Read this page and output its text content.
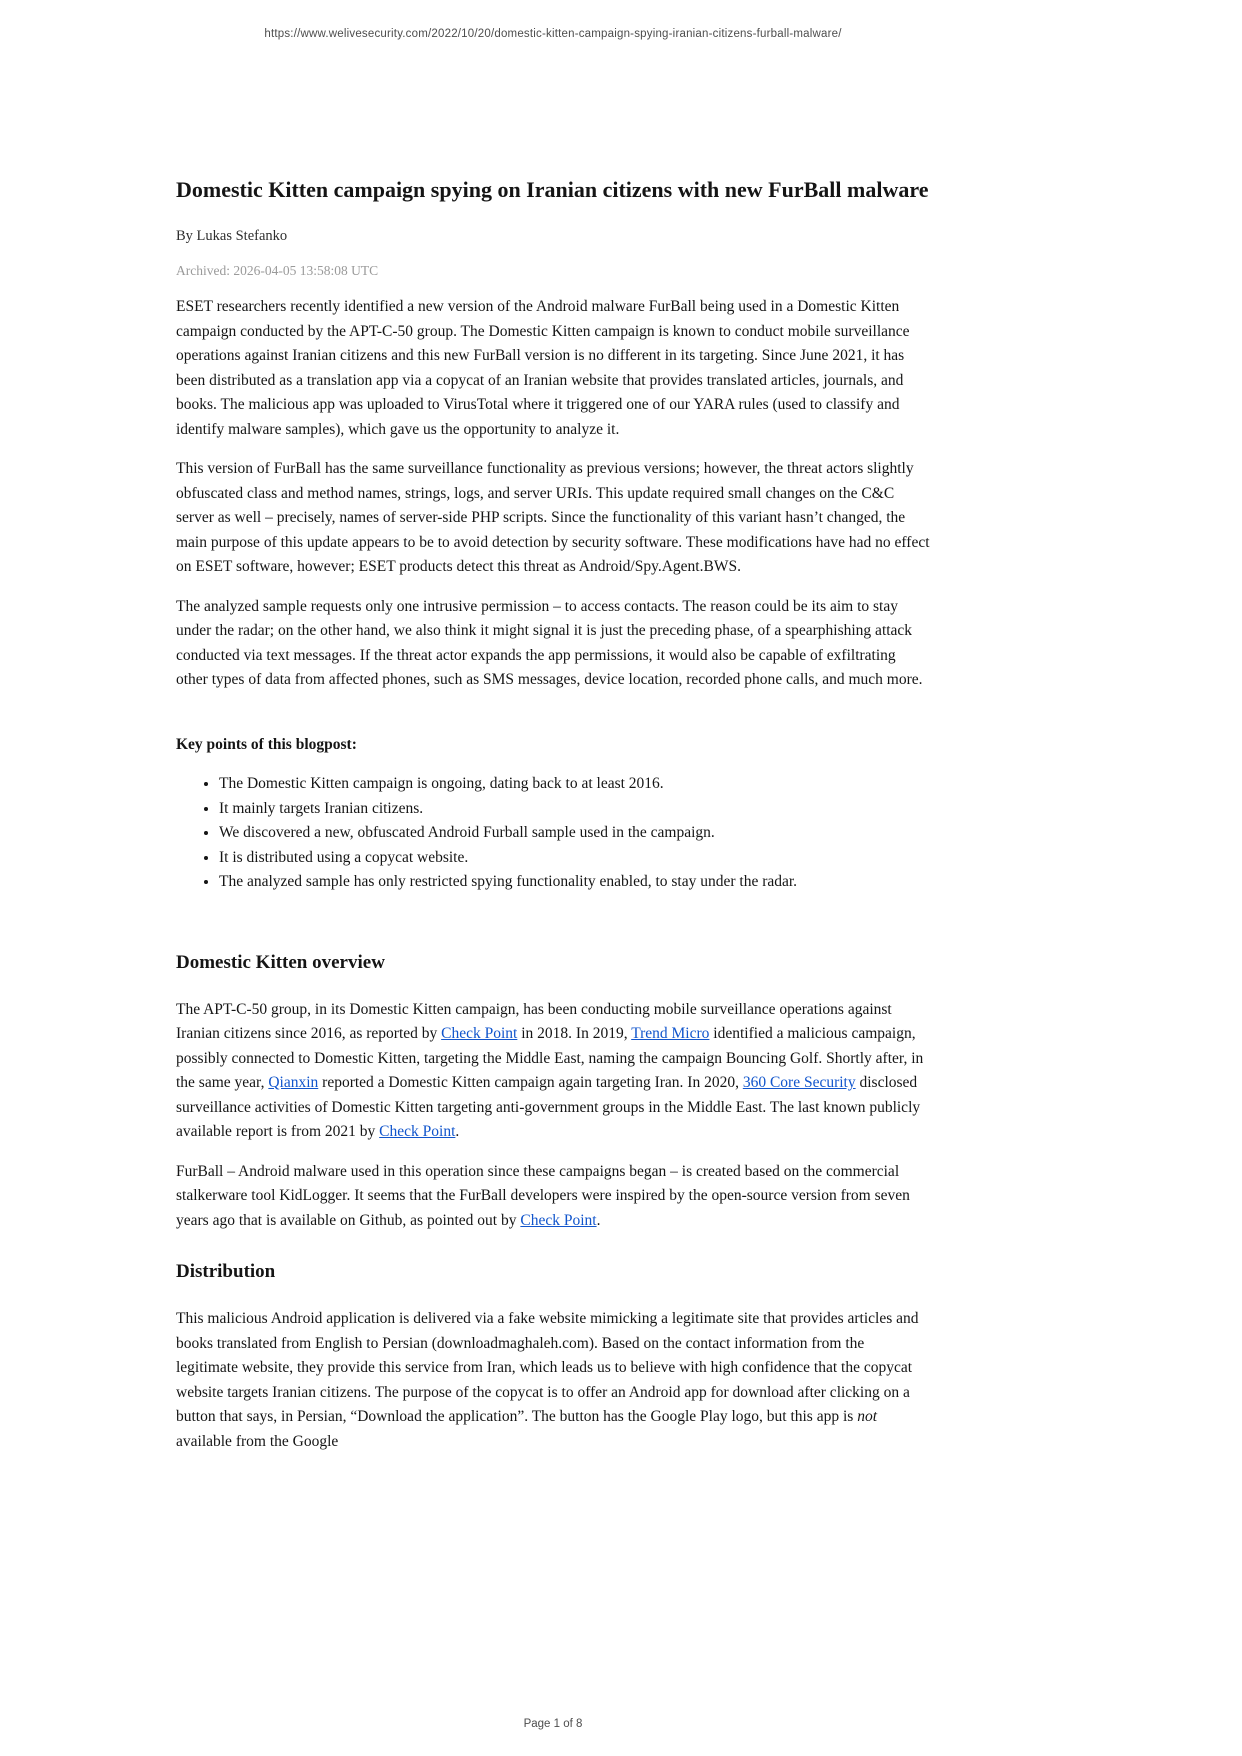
https://www.welivesecurity.com/2022/10/20/domestic-kitten-campaign-spying-iranian-citizens-furball-malware/
Domestic Kitten campaign spying on Iranian citizens with new FurBall malware

By Lukas Stefanko

Archived: 2026-04-05 13:58:08 UTC

ESET researchers recently identified a new version of the Android malware FurBall being used in a Domestic Kitten campaign conducted by the APT-C-50 group. The Domestic Kitten campaign is known to conduct mobile surveillance operations against Iranian citizens and this new FurBall version is no different in its targeting. Since June 2021, it has been distributed as a translation app via a copycat of an Iranian website that provides translated articles, journals, and books. The malicious app was uploaded to VirusTotal where it triggered one of our YARA rules (used to classify and identify malware samples), which gave us the opportunity to analyze it.

This version of FurBall has the same surveillance functionality as previous versions; however, the threat actors slightly obfuscated class and method names, strings, logs, and server URIs. This update required small changes on the C&C server as well – precisely, names of server-side PHP scripts. Since the functionality of this variant hasn’t changed, the main purpose of this update appears to be to avoid detection by security software. These modifications have had no effect on ESET software, however; ESET products detect this threat as Android/Spy.Agent.BWS.

The analyzed sample requests only one intrusive permission – to access contacts. The reason could be its aim to stay under the radar; on the other hand, we also think it might signal it is just the preceding phase, of a spearphishing attack conducted via text messages. If the threat actor expands the app permissions, it would also be capable of exfiltrating other types of data from affected phones, such as SMS messages, device location, recorded phone calls, and much more.

Key points of this blogpost:

• The Domestic Kitten campaign is ongoing, dating back to at least 2016.
• It mainly targets Iranian citizens.
• We discovered a new, obfuscated Android Furball sample used in the campaign.
• It is distributed using a copycat website.
• The analyzed sample has only restricted spying functionality enabled, to stay under the radar.
Domestic Kitten overview

The APT-C-50 group, in its Domestic Kitten campaign, has been conducting mobile surveillance operations against Iranian citizens since 2016, as reported by Check Point in 2018. In 2019, Trend Micro identified a malicious campaign, possibly connected to Domestic Kitten, targeting the Middle East, naming the campaign Bouncing Golf. Shortly after, in the same year, Qianxin reported a Domestic Kitten campaign again targeting Iran. In 2020, 360 Core Security disclosed surveillance activities of Domestic Kitten targeting anti-government groups in the Middle East. The last known publicly available report is from 2021 by Check Point.

FurBall – Android malware used in this operation since these campaigns began – is created based on the commercial stalkerware tool KidLogger. It seems that the FurBall developers were inspired by the open-source version from seven years ago that is available on Github, as pointed out by Check Point.

Distribution

This malicious Android application is delivered via a fake website mimicking a legitimate site that provides articles and books translated from English to Persian (downloadmaghaleh.com). Based on the contact information from the legitimate website, they provide this service from Iran, which leads us to believe with high confidence that the copycat website targets Iranian citizens. The purpose of the copycat is to offer an Android app for download after clicking on a button that says, in Persian, “Download the application”. The button has the Google Play logo, but this app is not available from the Google

Page 1 of 8
